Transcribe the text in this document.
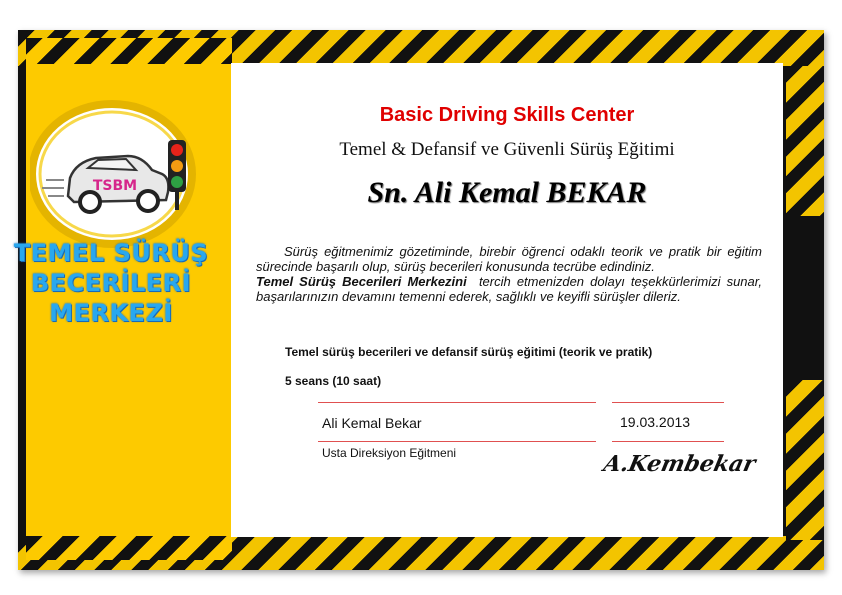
TSBM
TEMEL SÜRÜŞ
BECERİLERİ
MERKEZİ
Basic Driving Skills Center
Temel & Defansif ve Güvenli Sürüş Eğitimi
Sn. Ali Kemal BEKAR
Sürüş eğitmenimiz gözetiminde, birebir öğrenci odaklı teorik ve pratik bir eğitim sürecinde başarılı olup, sürüş becerileri konusunda tecrübe edindiniz.
Temel Sürüş Becerileri Merkezini tercih etmenizden dolayı teşekkürlerimizi sunar, başarılarınızın devamını temenni ederek, sağlıklı ve keyifli sürüşler dileriz.
Temel sürüş becerileri ve defansif sürüş eğitimi (teorik ve pratik)
5 seans (10 saat)
Ali Kemal Bekar	19.03.2013
Usta Direksiyon Eğitmeni	A.Kembekar
